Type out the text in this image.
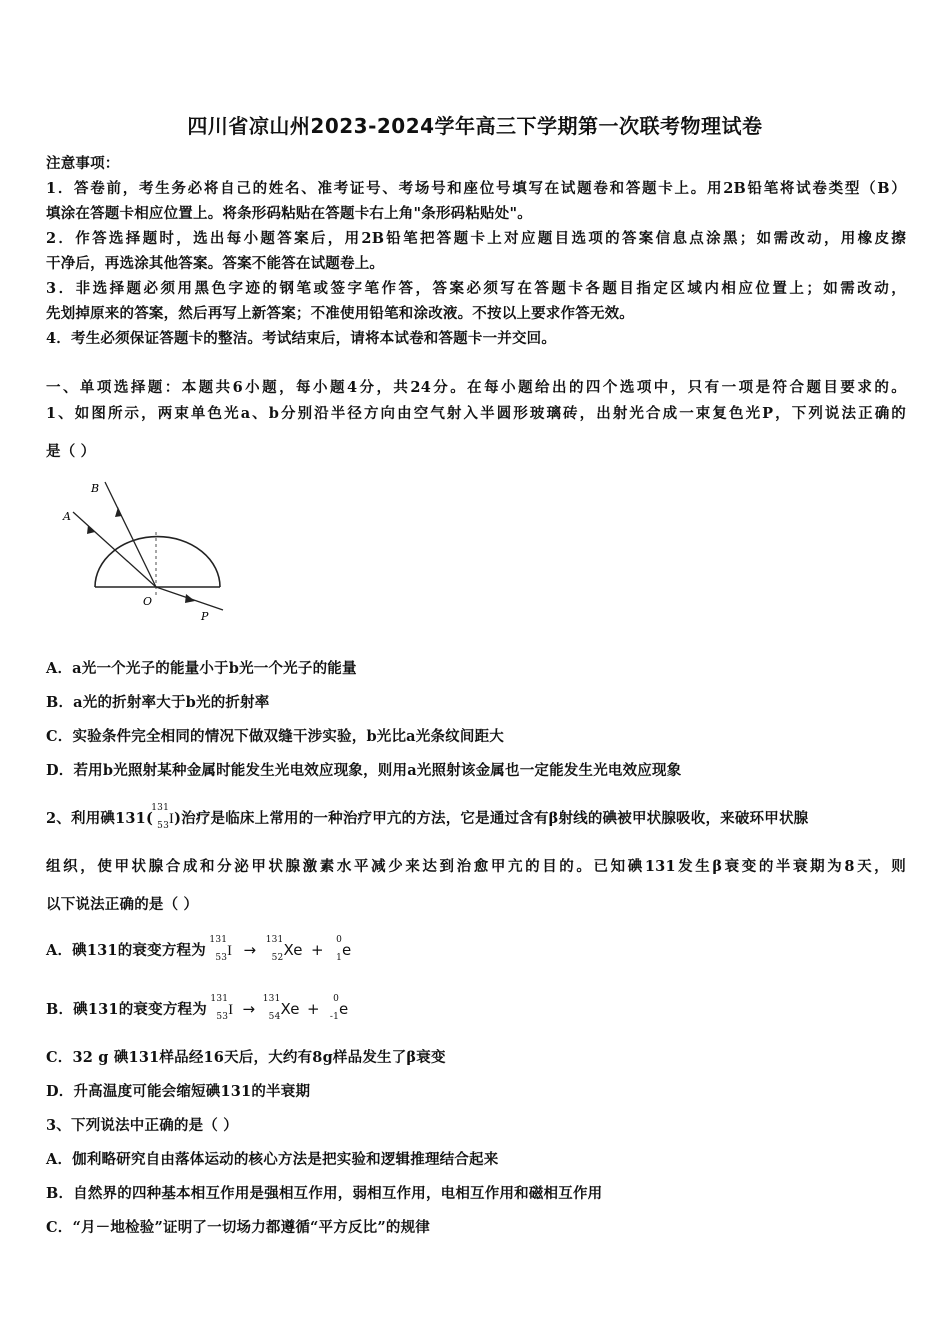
四川省凉山州2023-2024学年高三下学期第一次联考物理试卷
注意事项：
1．答卷前，考生务必将自己的姓名、准考证号、考场号和座位号填写在试题卷和答题卡上。用2B铅笔将试卷类型（B）
填涂在答题卡相应位置上。将条形码粘贴在答题卡右上角"条形码粘贴处"。
2．作答选择题时，选出每小题答案后，用2B铅笔把答题卡上对应题目选项的答案信息点涂黑；如需改动，用橡皮擦
干净后，再选涂其他答案。答案不能答在试题卷上。
3．非选择题必须用黑色字迹的钢笔或签字笔作答，答案必须写在答题卡各题目指定区域内相应位置上；如需改动，
先划掉原来的答案，然后再写上新答案；不准使用铅笔和涂改液。不按以上要求作答无效。
4．考生必须保证答题卡的整洁。考试结束后，请将本试卷和答题卡一并交回。
一、单项选择题：本题共6小题，每小题4分，共24分。在每小题给出的四个选项中，只有一项是符合题目要求的。
1、如图所示，两束单色光a、b分别沿半径方向由空气射入半圆形玻璃砖，出射光合成一束复色光P，下列说法正确的
是（ ）
B
A
O
P
A．a光一个光子的能量小于b光一个光子的能量
B．a光的折射率大于b光的折射率
C．实验条件完全相同的情况下做双缝干涉实验，b光比a光条纹间距大
D．若用b光照射某种金属时能发生光电效应现象，则用a光照射该金属也一定能发生光电效应现象
2、利用碘131(
131
53 I)治疗是临床上常用的一种治疗甲亢的方法，它是通过含有β射线的碘被甲状腺吸收，来破环甲状腺
组织，使甲状腺合成和分泌甲状腺激素水平减少来达到治愈甲亢的目的。已知碘131发生β衰变的半衰期为8天，则
以下说法正确的是（ ）
A．碘131的衰变方程为
131
53 I →
131
52 Xe +
0
1 e
B．碘131的衰变方程为
131
53 I →
131
54 Xe +
0
-1 e
C．32 g 碘131样品经16天后，大约有8g样品发生了β衰变
D．升高温度可能会缩短碘131的半衰期
3、下列说法中正确的是（ ）
A．伽利略研究自由落体运动的核心方法是把实验和逻辑推理结合起来
B．自然界的四种基本相互作用是强相互作用，弱相互作用，电相互作用和磁相互作用
C．“月－地检验”证明了一切场力都遵循“平方反比”的规律
